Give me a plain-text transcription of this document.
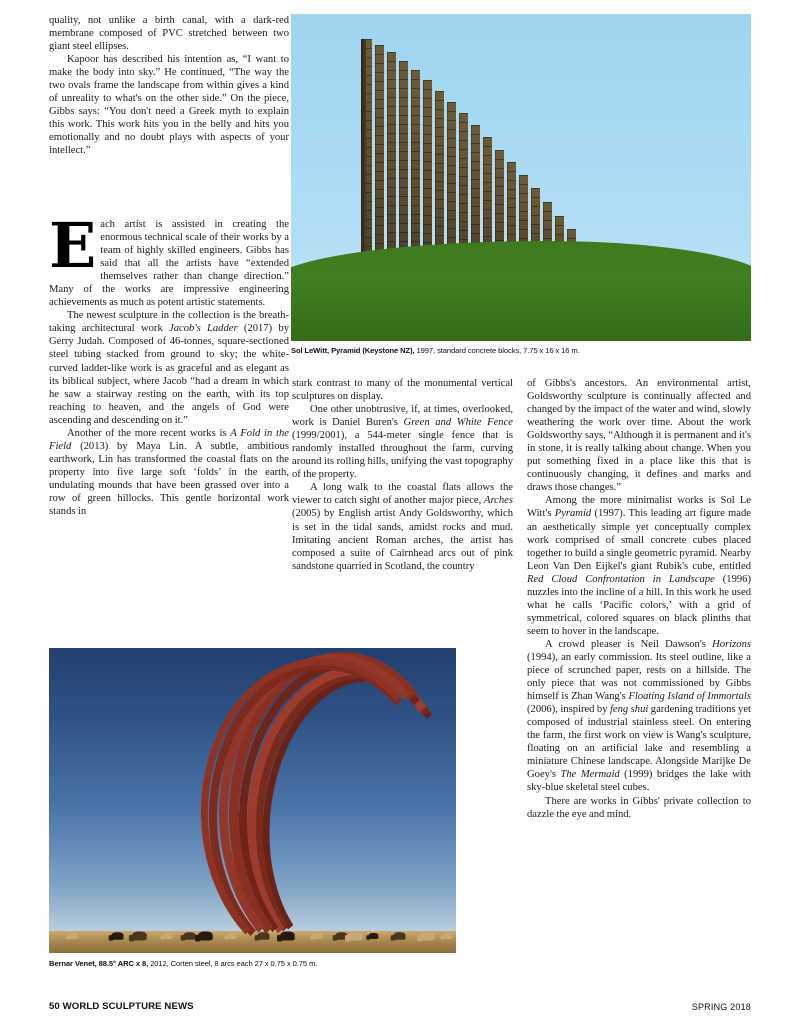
quality, not unlike a birth canal, with a dark-red membrane composed of PVC stretched between two giant steel ellipses.

Kapoor has described his intention as, “I want to make the body into sky.” He continued, “The way the two ovals frame the landscape from within gives a kind of unreality to what's on the other side.” On the piece, Gibbs says: “You don't need a Greek myth to explain this work. This work hits you in the belly and hits you emotionally and no doubt plays with aspects of your intellect.”

Each artist is assisted in creating the enormous technical scale of their works by a team of highly skilled engineers. Gibbs has said that all the artists have “extended themselves rather than change direction.” Many of the works are impressive engineering achievements as much as potent artistic statements.

The newest sculpture in the collection is the breath-taking architectural work Jacob's Ladder (2017) by Gerry Judah. Composed of 46-tonnes, square-sectioned steel tubing stacked from ground to sky; the white-curved ladder-like work is as graceful and as elegant as its biblical subject, where Jacob “had a dream in which he saw a stairway resting on the earth, with its top reaching to heaven, and the angels of God were ascending and descending on it.”

Another of the more recent works is A Fold in the Field (2013) by Maya Lin. A subtle, ambitious earthwork, Lin has transformed the coastal flats on the property into five large soft ‘folds’ in the earth, undulating mounds that have been grassed over into a row of green hillocks. This gentle horizontal work stands in

stark contrast to many of the monumental vertical sculptures on display.

One other unobtrusive, if, at times, overlooked, work is Daniel Buren's Green and White Fence (1999/2001), a 544-meter single fence that is randomly installed throughout the farm, curving around its rolling hills, unifying the vast topography of the property.

A long walk to the coastal flats allows the viewer to catch sight of another major piece, Arches (2005) by English artist Andy Goldsworthy, which is set in the tidal sands, amidst rocks and mud. Imitating ancient Roman arches, the artist has composed a suite of Cairnhead arcs out of pink sandstone quarried in Scotland, the country

of Gibbs's ancestors. An environmental artist, Goldsworthy sculpture is continually affected and changed by the impact of the water and wind, slowly weathering the work over time. About the work Goldsworthy says, “Although it is permanent and it's in stone, it is really talking about change. When you put something fixed in a place like this that is continuously changing, it defines and marks and draws those changes.”

Among the more minimalist works is Sol Le Witt's Pyramid (1997). This leading art figure made an aesthetically simple yet conceptually complex work comprised of small concrete cubes placed together to build a single geometric pyramid. Nearby Leon Van Den Eijkel's giant Rubik's cube, entitled Red Cloud Confrontation in Landscape (1996) nuzzles into the incline of a hill. In this work he used what he calls ‘Pacific colors,’ with a grid of symmetrical, colored squares on black plinths that seem to hover in the landscape.

A crowd pleaser is Neil Dawson's Horizons (1994), an early commission. Its steel outline, like a piece of scrunched paper, rests on a hillside. The only piece that was not commissioned by Gibbs himself is Zhan Wang's Floating Island of Immortals (2006), inspired by feng shui gardening traditions yet composed of industrial stainless steel. On entering the farm, the first work on view is Wang's sculpture, floating on an artificial lake and resembling a miniature Chinese landscape. Alongside Marijke De Goey's The Mermaid (1999) bridges the lake with sky-blue skeletal steel cubes.

There are works in Gibbs' private collection to dazzle the eye and mind.

Sol LeWitt, Pyramid (Keystone NZ), 1997, standard concrete blocks, 7.75 x 16 x 16 m.
Bernar Venet, 88.5° ARC x 8, 2012, Corten steel, 8 arcs each 27 x 0.75 x 0.75 m.
50 WORLD SCULPTURE NEWS	SPRING 2018
